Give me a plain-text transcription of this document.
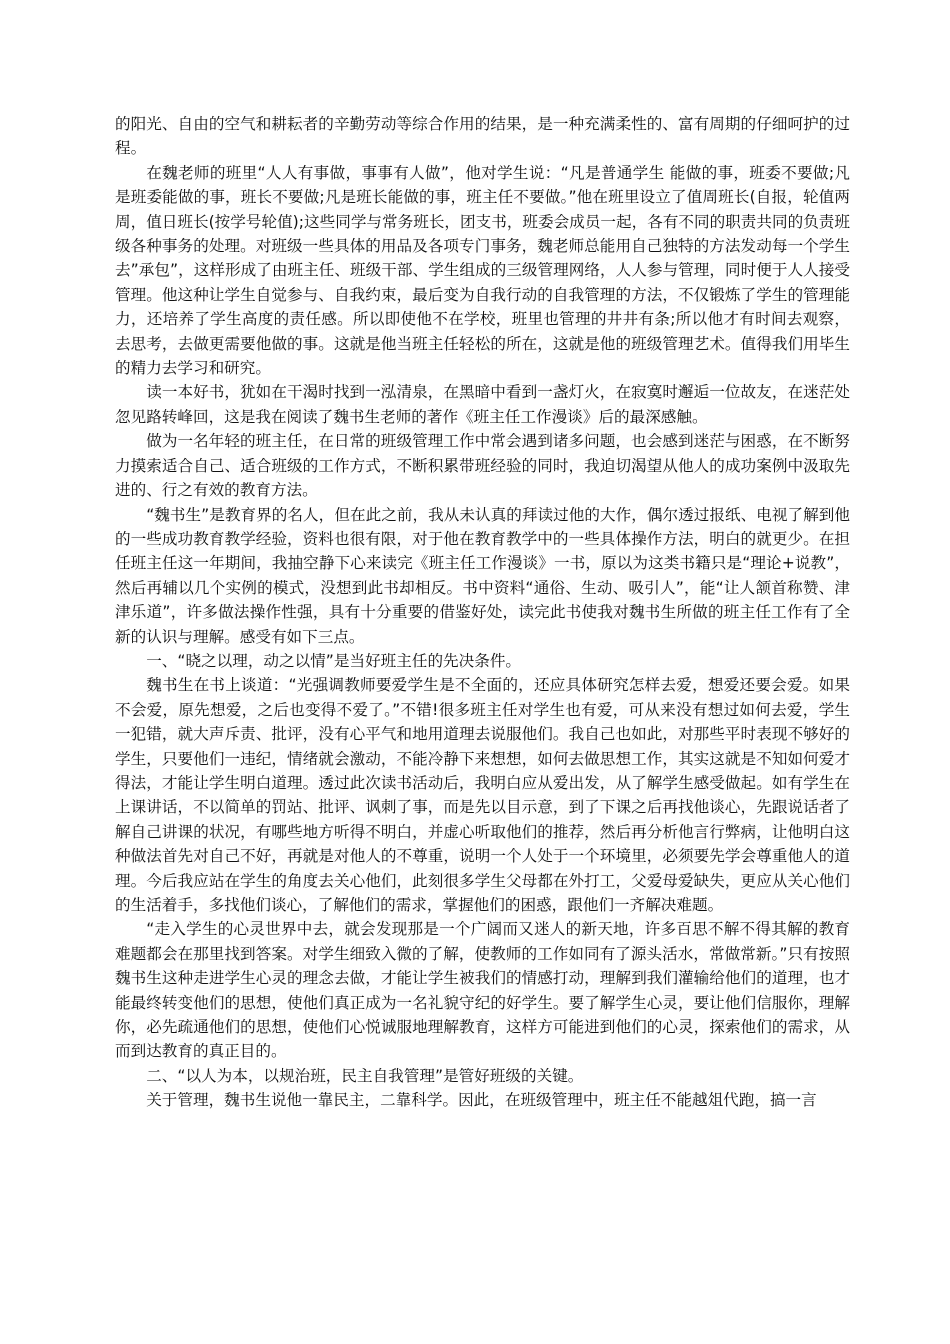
的阳光、自由的空气和耕耘者的辛勤劳动等综合作用的结果，是一种充满柔性的、富有周期的仔细呵护的过程。

在魏老师的班里“人人有事做，事事有人做”，他对学生说：“凡是普通学生 能做的事，班委不要做;凡是班委能做的事，班长不要做;凡是班长能做的事，班主任不要做。”他在班里设立了值周班长(自报，轮值两周，值日班长(按学号轮值);这些同学与常务班长，团支书，班委会成员一起，各有不同的职责共同的负责班级各种事务的处理。对班级一些具体的用品及各项专门事务，魏老师总能用自己独特的方法发动每一个学生去”承包”，这样形成了由班主任、班级干部、学生组成的三级管理网络，人人参与管理，同时便于人人接受管理。他这种让学生自觉参与、自我约束，最后变为自我行动的自我管理的方法，不仅锻炼了学生的管理能力，还培养了学生高度的责任感。所以即使他不在学校，班里也管理的井井有条;所以他才有时间去观察，去思考，去做更需要他做的事。这就是他当班主任轻松的所在，这就是他的班级管理艺术。值得我们用毕生的精力去学习和研究。

读一本好书，犹如在干渴时找到一泓清泉，在黑暗中看到一盏灯火，在寂寞时邂逅一位故友，在迷茫处忽见路转峰回，这是我在阅读了魏书生老师的著作《班主任工作漫谈》后的最深感触。

做为一名年轻的班主任，在日常的班级管理工作中常会遇到诸多问题，也会感到迷茫与困惑，在不断努力摸索适合自己、适合班级的工作方式，不断积累带班经验的同时，我迫切渴望从他人的成功案例中汲取先进的、行之有效的教育方法。

“魏书生”是教育界的名人，但在此之前，我从未认真的拜读过他的大作，偶尔透过报纸、电视了解到他的一些成功教育教学经验，资料也很有限，对于他在教育教学中的一些具体操作方法，明白的就更少。在担任班主任这一年期间，我抽空静下心来读完《班主任工作漫谈》一书，原以为这类书籍只是“理论+说教”，然后再辅以几个实例的模式，没想到此书却相反。书中资料“通俗、生动、吸引人”，能“让人颔首称赞、津津乐道”，许多做法操作性强，具有十分重要的借鉴好处，读完此书使我对魏书生所做的班主任工作有了全新的认识与理解。感受有如下三点。

一、“晓之以理，动之以情”是当好班主任的先决条件。

魏书生在书上谈道：“光强调教师要爱学生是不全面的，还应具体研究怎样去爱，想爱还要会爱。如果不会爱，原先想爱，之后也变得不爱了。”不错!很多班主任对学生也有爱，可从来没有想过如何去爱，学生一犯错，就大声斥责、批评，没有心平气和地用道理去说服他们。我自己也如此，对那些平时表现不够好的学生，只要他们一违纪，情绪就会激动，不能冷静下来想想，如何去做思想工作，其实这就是不知如何爱才得法，才能让学生明白道理。透过此次读书活动后，我明白应从爱出发，从了解学生感受做起。如有学生在上课讲话，不以简单的罚站、批评、讽刺了事，而是先以目示意，到了下课之后再找他谈心，先跟说话者了解自己讲课的状况，有哪些地方听得不明白，并虚心听取他们的推荐，然后再分析他言行弊病，让他明白这种做法首先对自己不好，再就是对他人的不尊重，说明一个人处于一个环境里，必须要先学会尊重他人的道理。今后我应站在学生的角度去关心他们，此刻很多学生父母都在外打工，父爱母爱缺失，更应从关心他们的生活着手，多找他们谈心，了解他们的需求，掌握他们的困惑，跟他们一齐解决难题。

“走入学生的心灵世界中去，就会发现那是一个广阔而又迷人的新天地，许多百思不解不得其解的教育难题都会在那里找到答案。对学生细致入微的了解，使教师的工作如同有了源头活水，常做常新。”只有按照魏书生这种走进学生心灵的理念去做，才能让学生被我们的情感打动，理解到我们灌输给他们的道理，也才能最终转变他们的思想，使他们真正成为一名礼貌守纪的好学生。要了解学生心灵，要让他们信服你，理解你，必先疏通他们的思想，使他们心悦诚服地理解教育，这样方可能进到他们的心灵，探索他们的需求，从而到达教育的真正目的。

二、“以人为本，以规治班，民主自我管理”是管好班级的关键。

关于管理，魏书生说他一靠民主，二靠科学。因此，在班级管理中，班主任不能越俎代跑，搞一言
